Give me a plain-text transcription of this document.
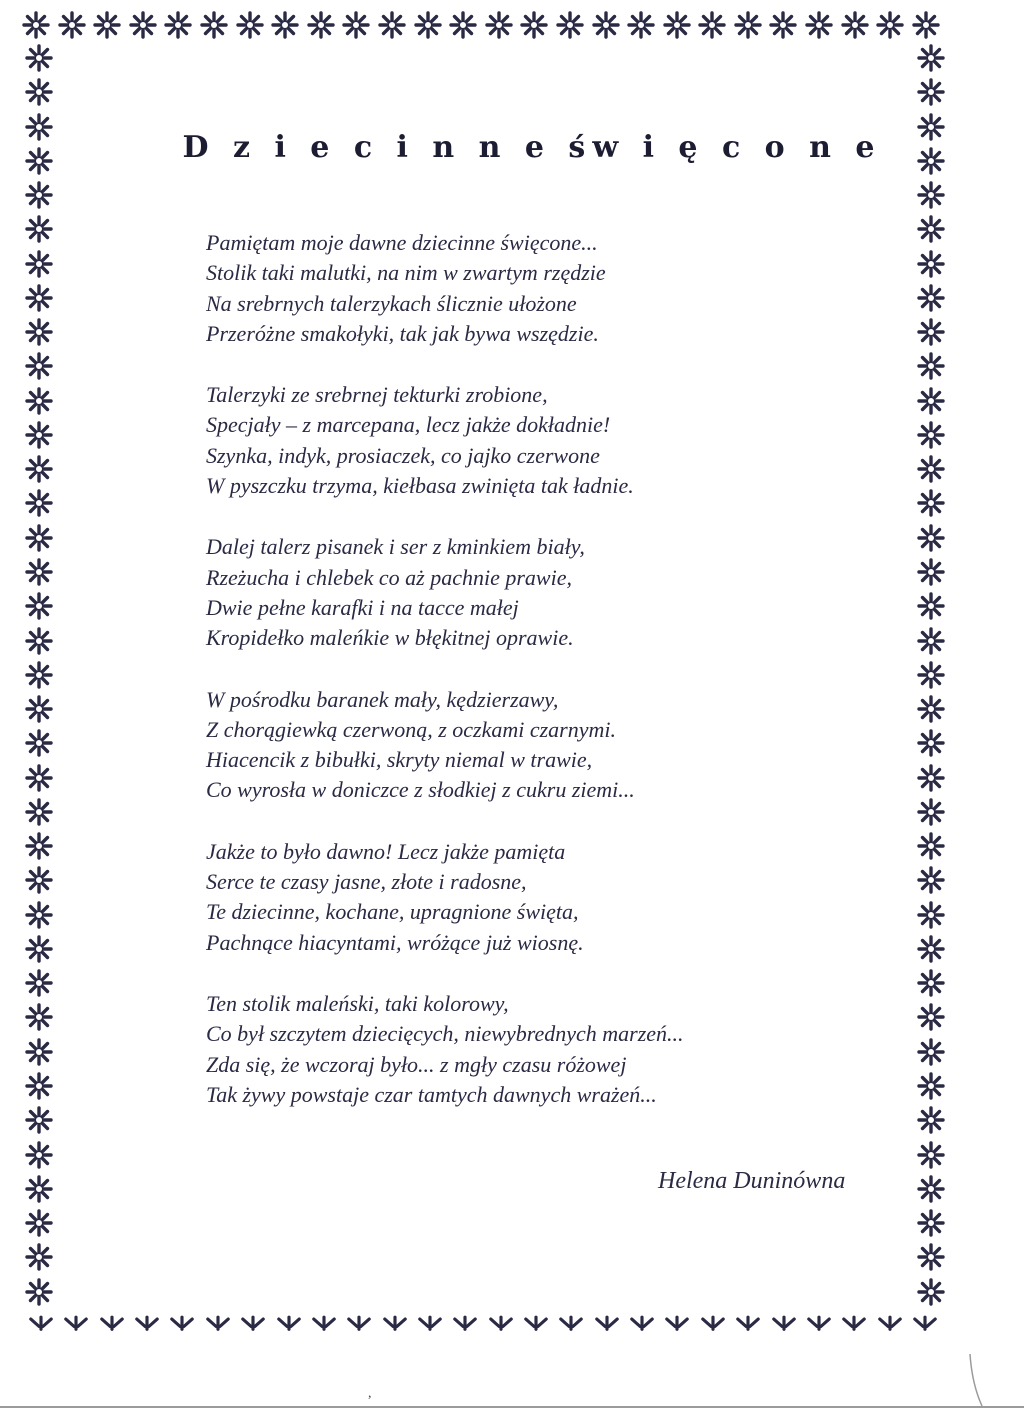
D z i e c i n n e św i ę c o n e
Pamiętam moje dawne dziecinne święcone...
Stolik taki malutki, na nim w zwartym rzędzie
Na srebrnych talerzykach ślicznie ułożone
Przeróżne smakołyki, tak jak bywa wszędzie.
Talerzyki ze srebrnej tekturki zrobione,
Specjały – z marcepana, lecz jakże dokładnie!
Szynka, indyk, prosiaczek, co jajko czerwone
W pyszczku trzyma, kiełbasa zwinięta tak ładnie.
Dalej talerz pisanek i ser z kminkiem biały,
Rzeżucha i chlebek co aż pachnie prawie,
Dwie pełne karafki i na tacce małej
Kropidełko maleńkie w błękitnej oprawie.
W pośrodku baranek mały, kędzierzawy,
Z chorągiewką czerwoną, z oczkami czarnymi.
Hiacencik z bibułki, skryty niemal w trawie,
Co wyrosła w doniczce z słodkiej z cukru ziemi...
Jakże to było dawno! Lecz jakże pamięta
Serce te czasy jasne, złote i radosne,
Te dziecinne, kochane, upragnione święta,
Pachnące hiacyntami, wróżące już wiosnę.
Ten stolik maleński, taki kolorowy,
Co był szczytem dziecięcych, niewybrednych marzeń...
Zda się, że wczoraj było... z mgły czasu różowej
Tak żywy powstaje czar tamtych dawnych wrażeń...
Helena Duninówna
,
